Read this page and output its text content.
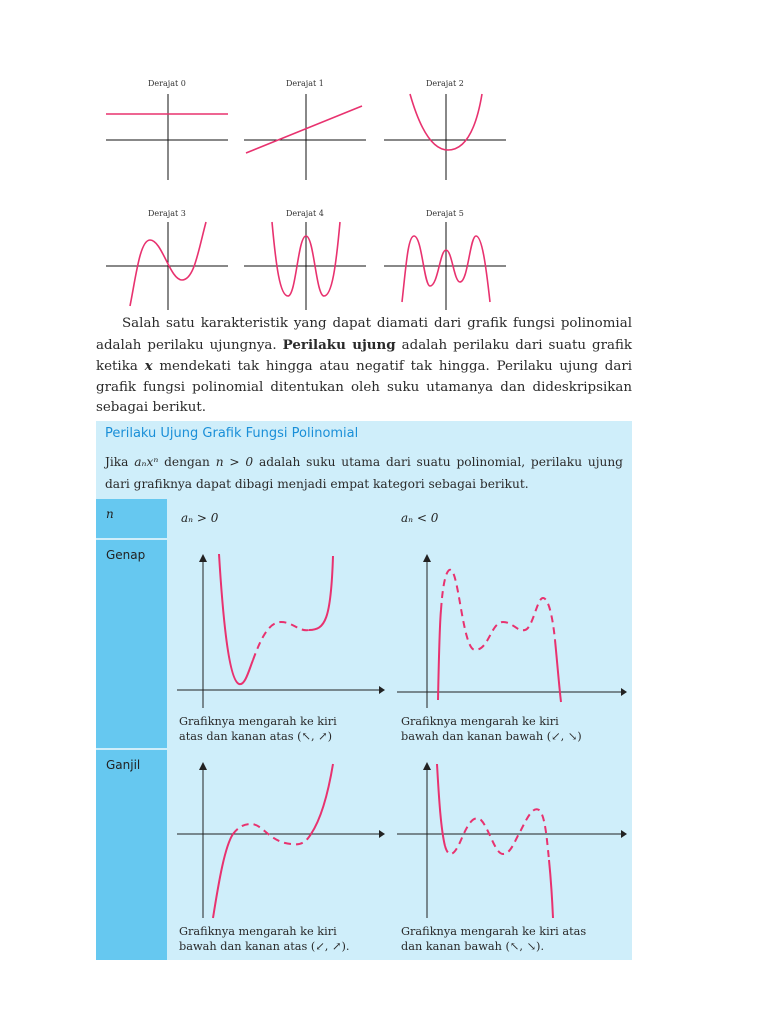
Derajat 0	Derajat 1	Derajat 2
Derajat 3	Derajat 4	Derajat 5

Salah satu karakteristik yang dapat diamati dari grafik fungsi polinomial adalah perilaku ujungnya. Perilaku ujung adalah perilaku dari suatu grafik ketika x mendekati tak hingga atau negatif tak hingga. Perilaku ujung dari grafik fungsi polinomial ditentukan oleh suku utamanya dan dideskripsikan sebagai berikut.

Perilaku Ujung Grafik Fungsi Polinomial
Jika aₙxⁿ dengan n > 0 adalah suku utama dari suatu polinomial, perilaku ujung dari grafiknya dapat dibagi menjadi empat kategori sebagai berikut.
n	aₙ > 0	aₙ < 0
Genap
Grafiknya mengarah ke kiri
atas dan kanan atas (↖, ↗)
Grafiknya mengarah ke kiri
bawah dan kanan bawah (↙, ↘)
Ganjil
Grafiknya mengarah ke kiri
bawah dan kanan atas (↙, ↗).
Grafiknya mengarah ke kiri atas
dan kanan bawah (↖, ↘).
